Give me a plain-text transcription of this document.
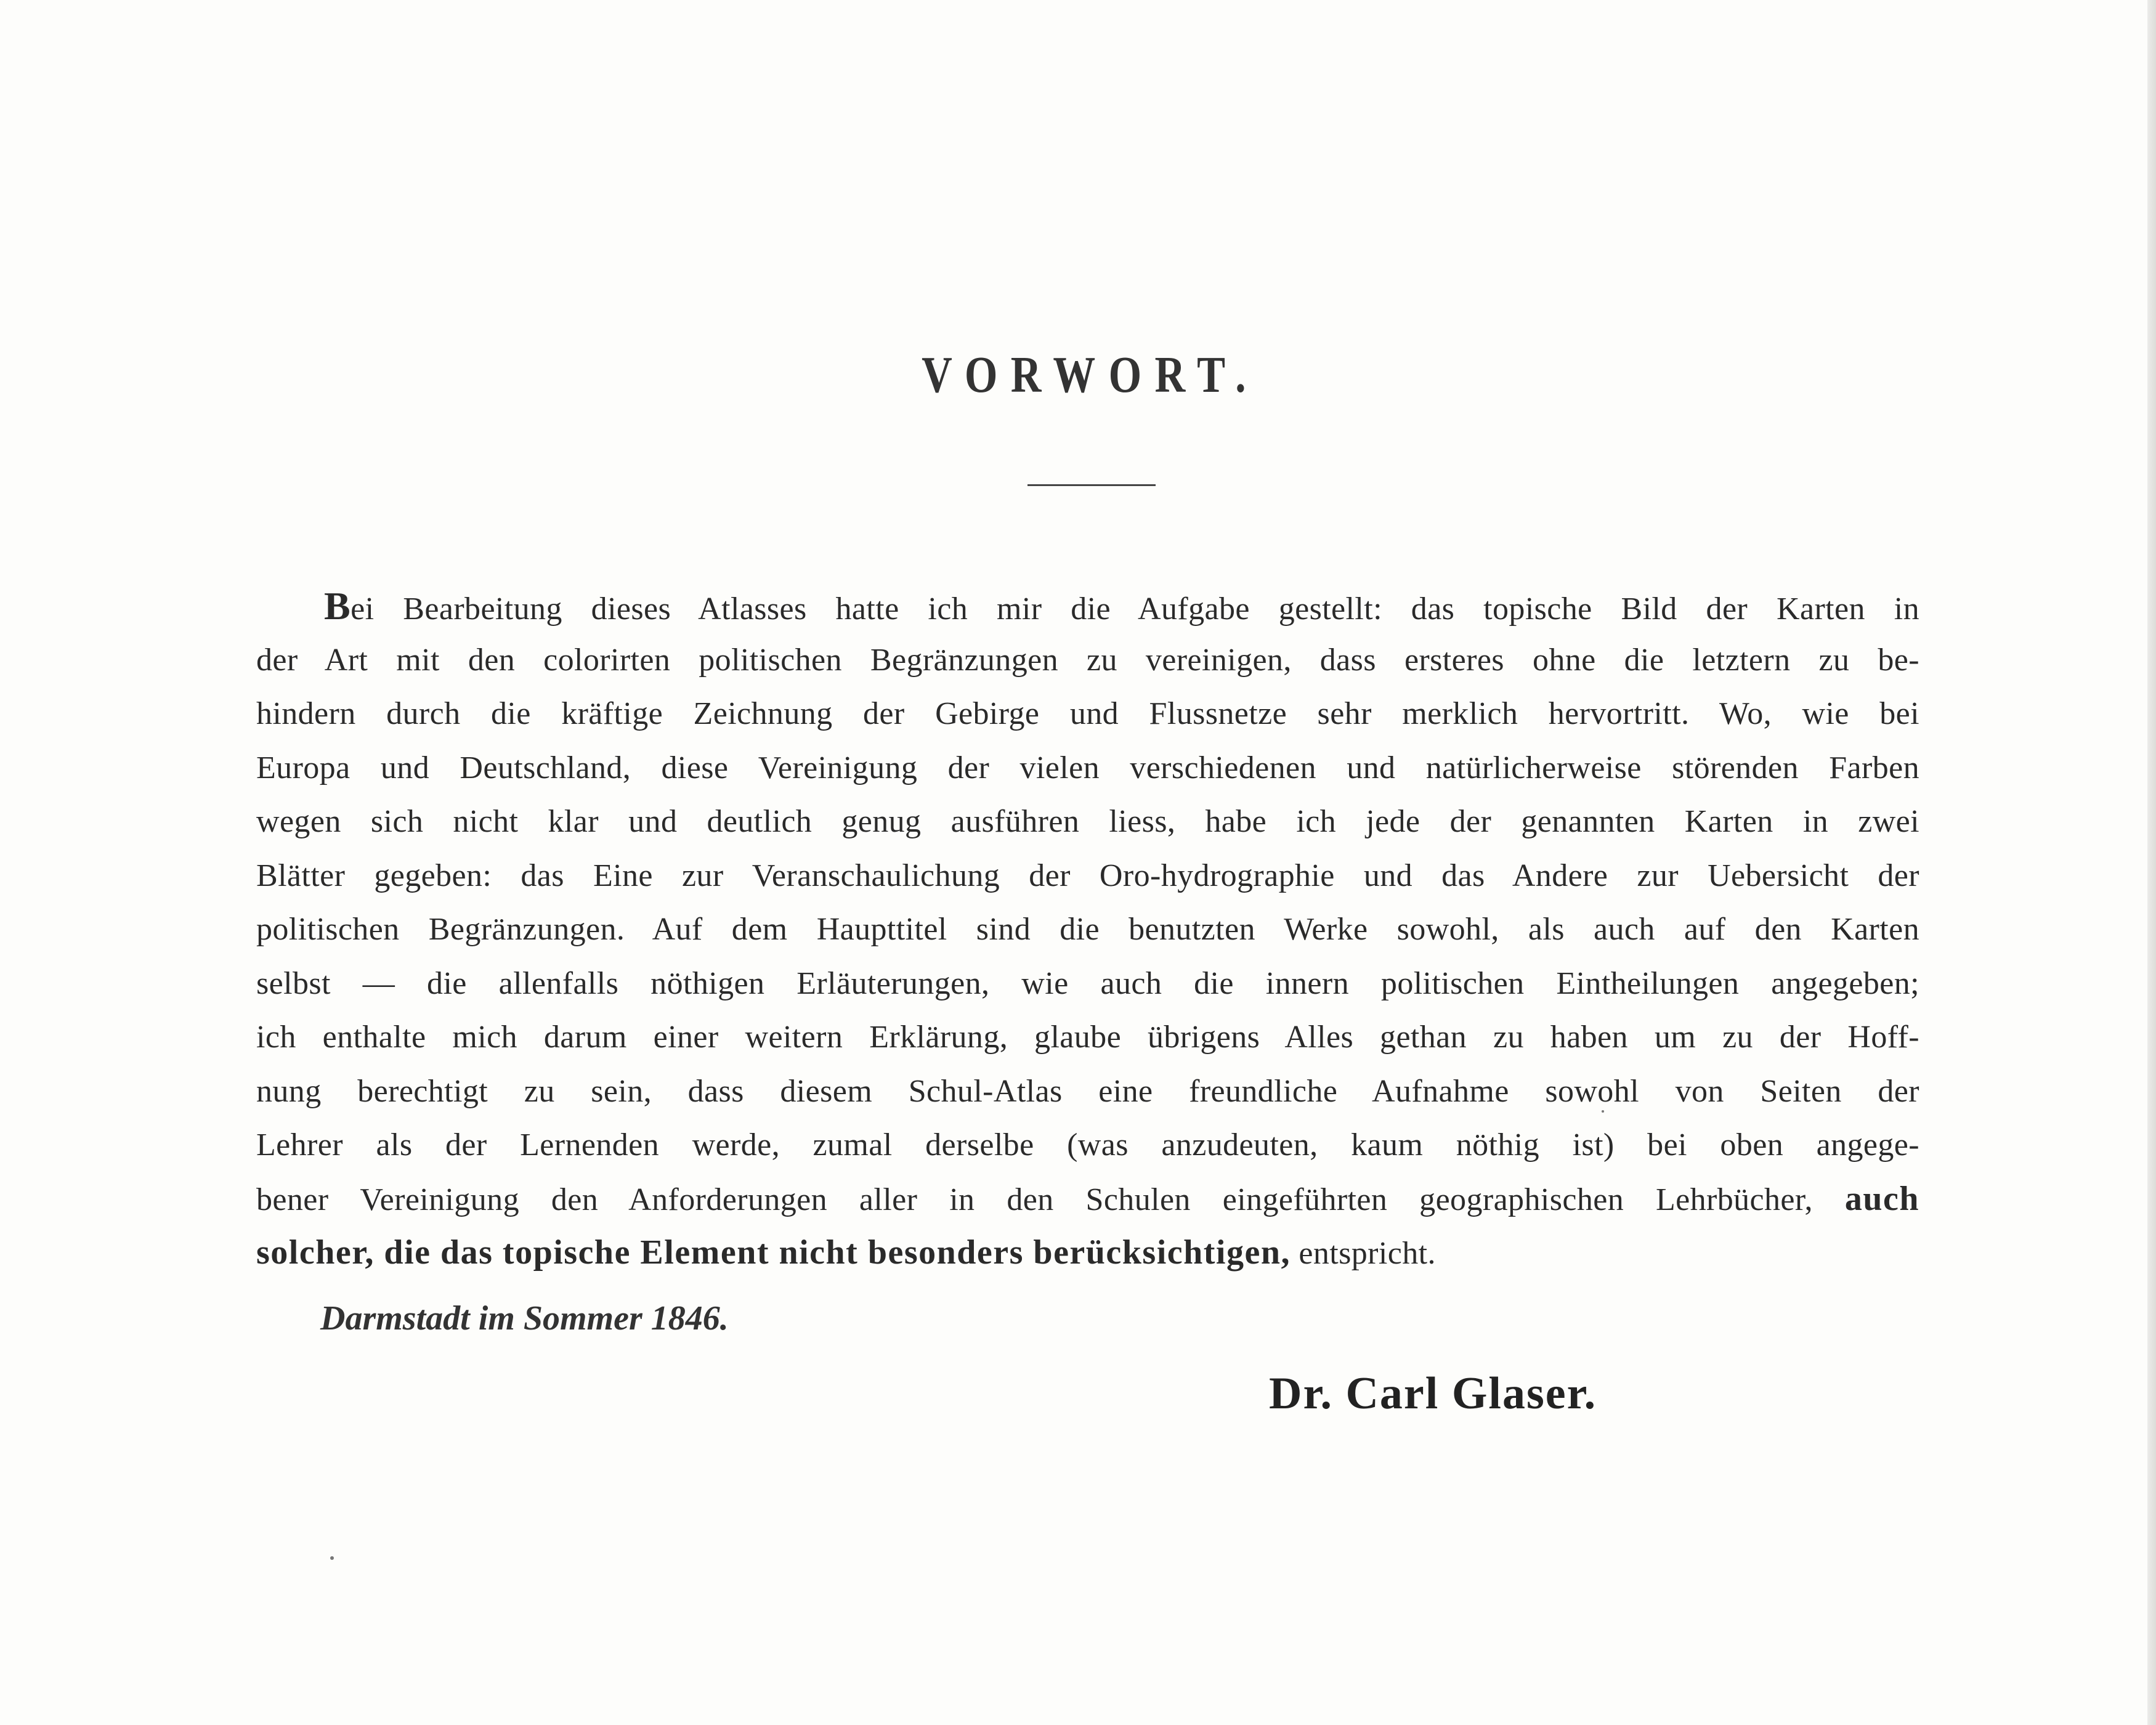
VORWORT.
Bei Bearbeitung dieses Atlasses hatte ich mir die Aufgabe gestellt: das topische Bild der Karten in
der Art mit den colorirten politischen Begränzungen zu vereinigen, dass ersteres ohne die letztern zu be-
hindern durch die kräftige Zeichnung der Gebirge und Flussnetze sehr merklich hervortritt. Wo, wie bei
Europa und Deutschland, diese Vereinigung der vielen verschiedenen und natürlicherweise störenden Farben
wegen sich nicht klar und deutlich genug ausführen liess, habe ich jede der genannten Karten in zwei
Blätter gegeben: das Eine zur Veranschaulichung der Oro-hydrographie und das Andere zur Uebersicht der
politischen Begränzungen. Auf dem Haupttitel sind die benutzten Werke sowohl, als auch auf den Karten
selbst — die allenfalls nöthigen Erläuterungen, wie auch die innern politischen Eintheilungen angegeben;
ich enthalte mich darum einer weitern Erklärung, glaube übrigens Alles gethan zu haben um zu der Hoff-
nung berechtigt zu sein, dass diesem Schul-Atlas eine freundliche Aufnahme sowohl von Seiten der
Lehrer als der Lernenden werde, zumal derselbe (was anzudeuten, kaum nöthig ist) bei oben angege-
bener Vereinigung den Anforderungen aller in den Schulen eingeführten geographischen Lehrbücher, auch
solcher, die das topische Element nicht besonders berücksichtigen, entspricht.
Darmstadt im Sommer 1846.
Dr. Carl Glaser.
